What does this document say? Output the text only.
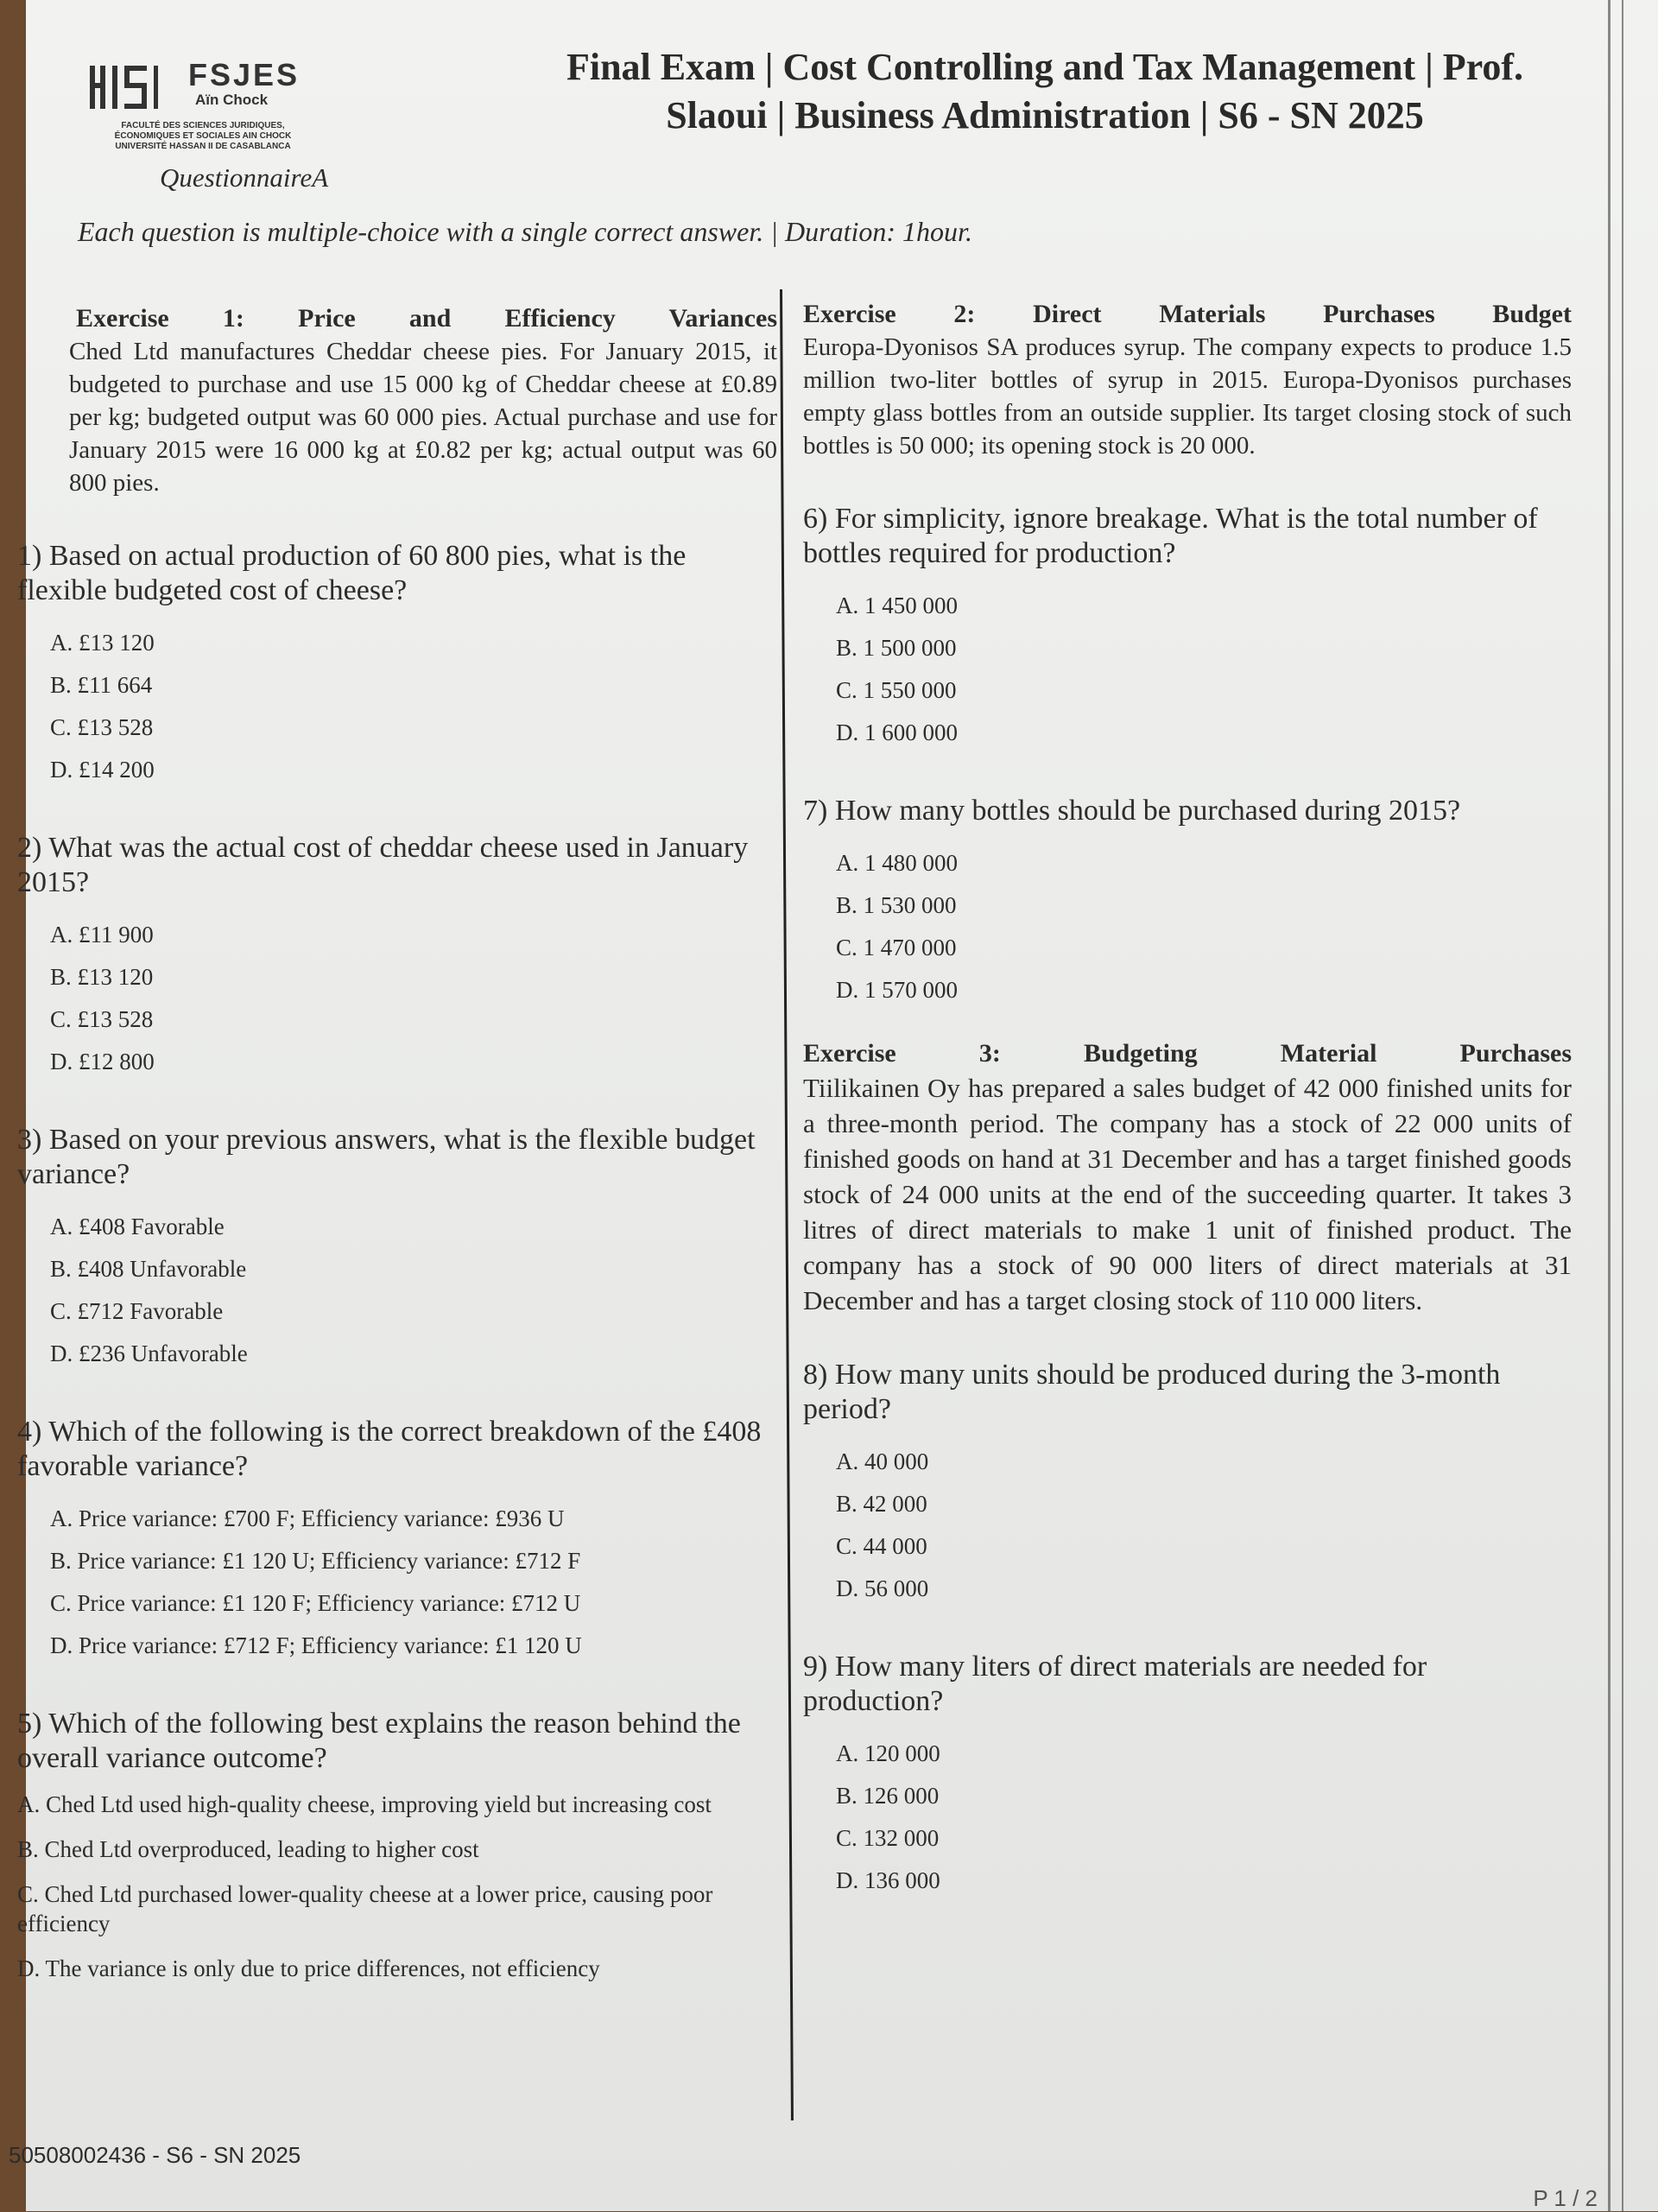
FSJES
Aïn Chock
FACULTÉ DES SCIENCES JURIDIQUES,
ÉCONOMIQUES ET SOCIALES AIN CHOCK
UNIVERSITÉ HASSAN II DE CASABLANCA
Final Exam | Cost Controlling and Tax Management | Prof.
Slaoui | Business Administration | S6 - SN 2025
QuestionnaireA
Each question is multiple-choice with a single correct answer. | Duration: 1hour.
Exercise 1: Price and Efficiency Variances
Ched Ltd manufactures Cheddar cheese pies. For January 2015, it budgeted to purchase and use 15 000 kg of Cheddar cheese at £0.89 per kg; budgeted output was 60 000 pies. Actual purchase and use for January 2015 were 16 000 kg at £0.82 per kg; actual output was 60 800 pies.
1) Based on actual production of 60 800 pies, what is the flexible budgeted cost of cheese?
A. £13 120
B. £11 664
C. £13 528
D. £14 200
2) What was the actual cost of cheddar cheese used in January 2015?
A. £11 900
B. £13 120
C. £13 528
D. £12 800
3) Based on your previous answers, what is the flexible budget variance?
A. £408 Favorable
B. £408 Unfavorable
C. £712 Favorable
D. £236 Unfavorable
4) Which of the following is the correct breakdown of the £408 favorable variance?
A. Price variance: £700 F; Efficiency variance: £936 U
B. Price variance: £1 120 U; Efficiency variance: £712 F
C. Price variance: £1 120 F; Efficiency variance: £712 U
D. Price variance: £712 F; Efficiency variance: £1 120 U
5) Which of the following best explains the reason behind the overall variance outcome?
A. Ched Ltd used high-quality cheese, improving yield but increasing cost
B. Ched Ltd overproduced, leading to higher cost
C. Ched Ltd purchased lower-quality cheese at a lower price, causing poor efficiency
D. The variance is only due to price differences, not efficiency
Exercise 2: Direct Materials Purchases Budget
Europa-Dyonisos SA produces syrup. The company expects to produce 1.5 million two-liter bottles of syrup in 2015. Europa-Dyonisos purchases empty glass bottles from an outside supplier. Its target closing stock of such bottles is 50 000; its opening stock is 20 000.
6) For simplicity, ignore breakage. What is the total number of bottles required for production?
A. 1 450 000
B. 1 500 000
C. 1 550 000
D. 1 600 000
7) How many bottles should be purchased during 2015?
A. 1 480 000
B. 1 530 000
C. 1 470 000
D. 1 570 000
Exercise 3: Budgeting Material Purchases
Tiilikainen Oy has prepared a sales budget of 42 000 finished units for a three-month period. The company has a stock of 22 000 units of finished goods on hand at 31 December and has a target finished goods stock of 24 000 units at the end of the succeeding quarter. It takes 3 litres of direct materials to make 1 unit of finished product. The company has a stock of 90 000 liters of direct materials at 31 December and has a target closing stock of 110 000 liters.
8) How many units should be produced during the 3-month period?
A. 40 000
B. 42 000
C. 44 000
D. 56 000
9) How many liters of direct materials are needed for production?
A. 120 000
B. 126 000
C. 132 000
D. 136 000
50508002436 - S6 - SN 2025
P 1 / 2
